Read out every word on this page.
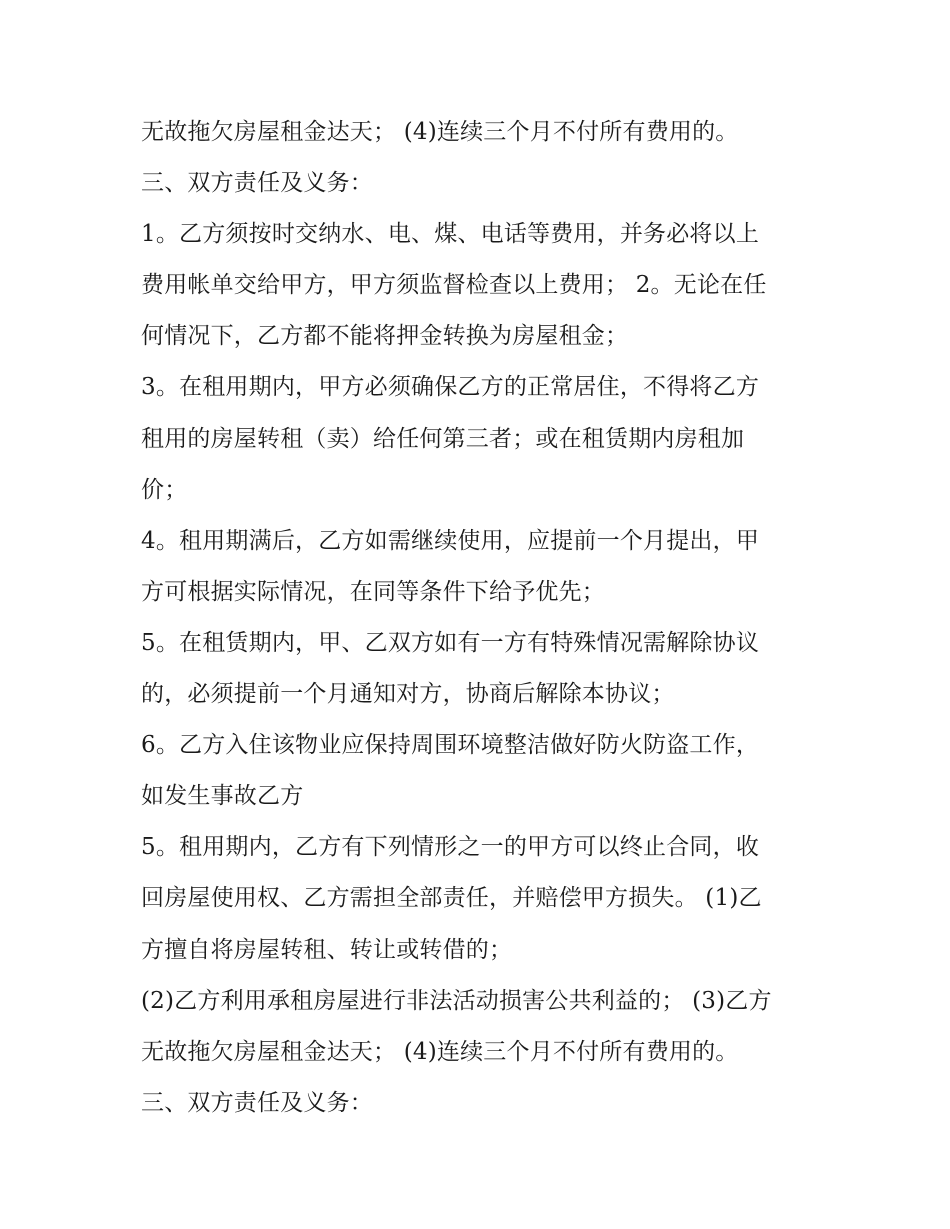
无故拖欠房屋租金达天； (4)连续三个月不付所有费用的。
三、双方责任及义务：
1。乙方须按时交纳水、电、煤、电话等费用，并务必将以上
费用帐单交给甲方，甲方须监督检查以上费用； 2。无论在任
何情况下，乙方都不能将押金转换为房屋租金；
3。在租用期内，甲方必须确保乙方的正常居住，不得将乙方
租用的房屋转租（卖）给任何第三者；或在租赁期内房租加
价；
4。租用期满后，乙方如需继续使用，应提前一个月提出，甲
方可根据实际情况，在同等条件下给予优先；
5。在租赁期内，甲、乙双方如有一方有特殊情况需解除协议
的，必须提前一个月通知对方，协商后解除本协议；
6。乙方入住该物业应保持周围环境整洁做好防火防盗工作，
如发生事故乙方
5。租用期内，乙方有下列情形之一的甲方可以终止合同，收
回房屋使用权、乙方需担全部责任，并赔偿甲方损失。 (1)乙
方擅自将房屋转租、转让或转借的；
(2)乙方利用承租房屋进行非法活动损害公共利益的； (3)乙方
无故拖欠房屋租金达天； (4)连续三个月不付所有费用的。
三、双方责任及义务：
